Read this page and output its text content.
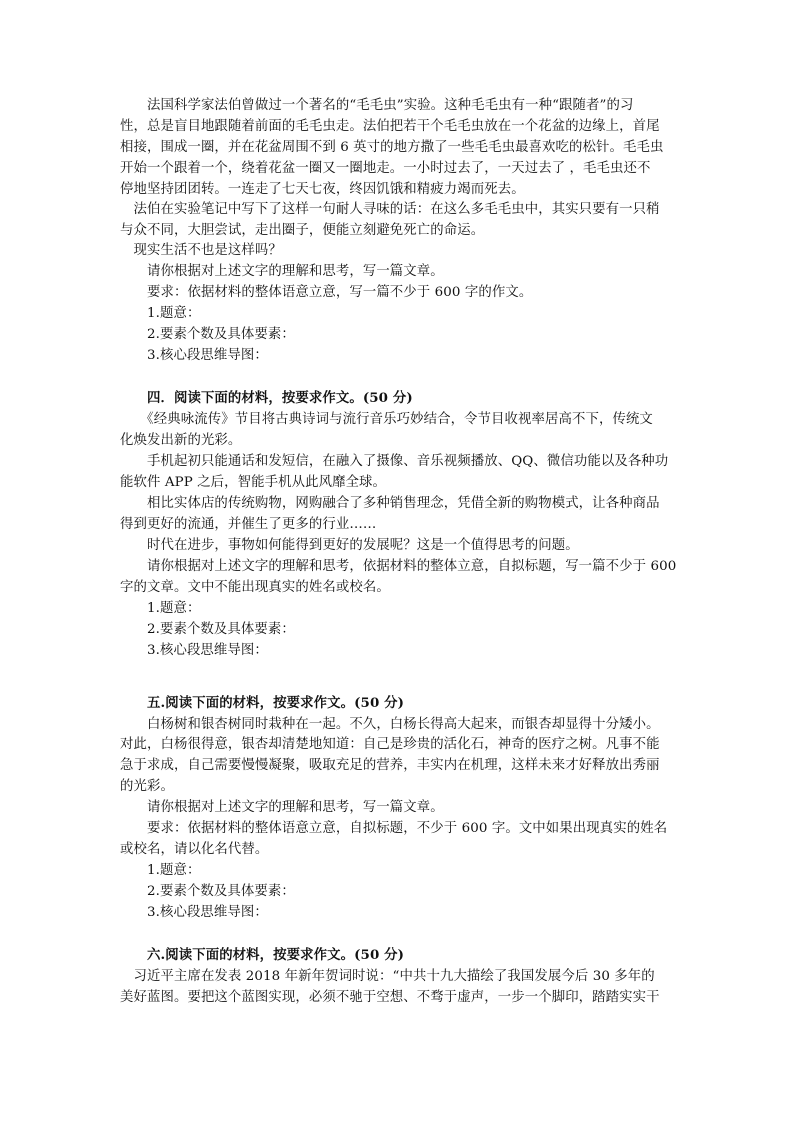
　　法国科学家法伯曾做过一个著名的“毛毛虫”实验。这种毛毛虫有一种“跟随者”的习
性，总是盲目地跟随着前面的毛毛虫走。法伯把若干个毛毛虫放在一个花盆的边缘上，首尾
相接，围成一圈，并在花盆周围不到 6 英寸的地方撒了一些毛毛虫最喜欢吃的松针。毛毛虫
开始一个跟着一个，绕着花盆一圈又一圈地走。一小时过去了，一天过去了 ，毛毛虫还不
停地坚持团团转。一连走了七天七夜，终因饥饿和精疲力竭而死去。
　法伯在实验笔记中写下了这样一句耐人寻味的话：在这么多毛毛虫中，其实只要有一只稍
与众不同，大胆尝试，走出圈子，便能立刻避免死亡的命运。
　现实生活不也是这样吗？
　　请你根据对上述文字的理解和思考，写一篇文章。
　　要求：依据材料的整体语意立意，写一篇不少于 600 字的作文。
　　1.题意：
　　2.要素个数及具体要素：
　　3.核心段思维导图：
　　四．阅读下面的材料，按要求作文。(50 分)
　　《经典咏流传》节目将古典诗词与流行音乐巧妙结合，令节目收视率居高不下，传统文
化焕发出新的光彩。
　　手机起初只能通话和发短信，在融入了摄像、音乐视频播放、QQ、微信功能以及各种功
能软件 APP 之后，智能手机从此风靡全球。
　　相比实体店的传统购物，网购融合了多种销售理念，凭借全新的购物模式，让各种商品
得到更好的流通，并催生了更多的行业……
　　时代在进步，事物如何能得到更好的发展呢？这是一个值得思考的问题。
　　请你根据对上述文字的理解和思考，依据材料的整体立意，自拟标题，写一篇不少于 600
字的文章。文中不能出现真实的姓名或校名。
　　1.题意：
　　2.要素个数及具体要素：
　　3.核心段思维导图：
　　五.阅读下面的材料，按要求作文。(50 分)
　　白杨树和银杏树同时栽种在一起。不久，白杨长得高大起来，而银杏却显得十分矮小。
对此，白杨很得意，银杏却清楚地知道：自己是珍贵的活化石，神奇的医疗之树。凡事不能
急于求成，自己需要慢慢凝聚，吸取充足的营养，丰实内在机理，这样未来才好释放出秀丽
的光彩。
　　请你根据对上述文字的理解和思考，写一篇文章。
　　要求：依据材料的整体语意立意，自拟标题，不少于 600 字。文中如果出现真实的姓名
或校名，请以化名代替。
　　1.题意：
　　2.要素个数及具体要素：
　　3.核心段思维导图：
　　六.阅读下面的材料，按要求作文。(50 分)
　习近平主席在发表 2018 年新年贺词时说：“中共十九大描绘了我国发展今后 30 多年的
美好蓝图。要把这个蓝图实现，必须不驰于空想、不骛于虚声，一步一个脚印，踏踏实实干
